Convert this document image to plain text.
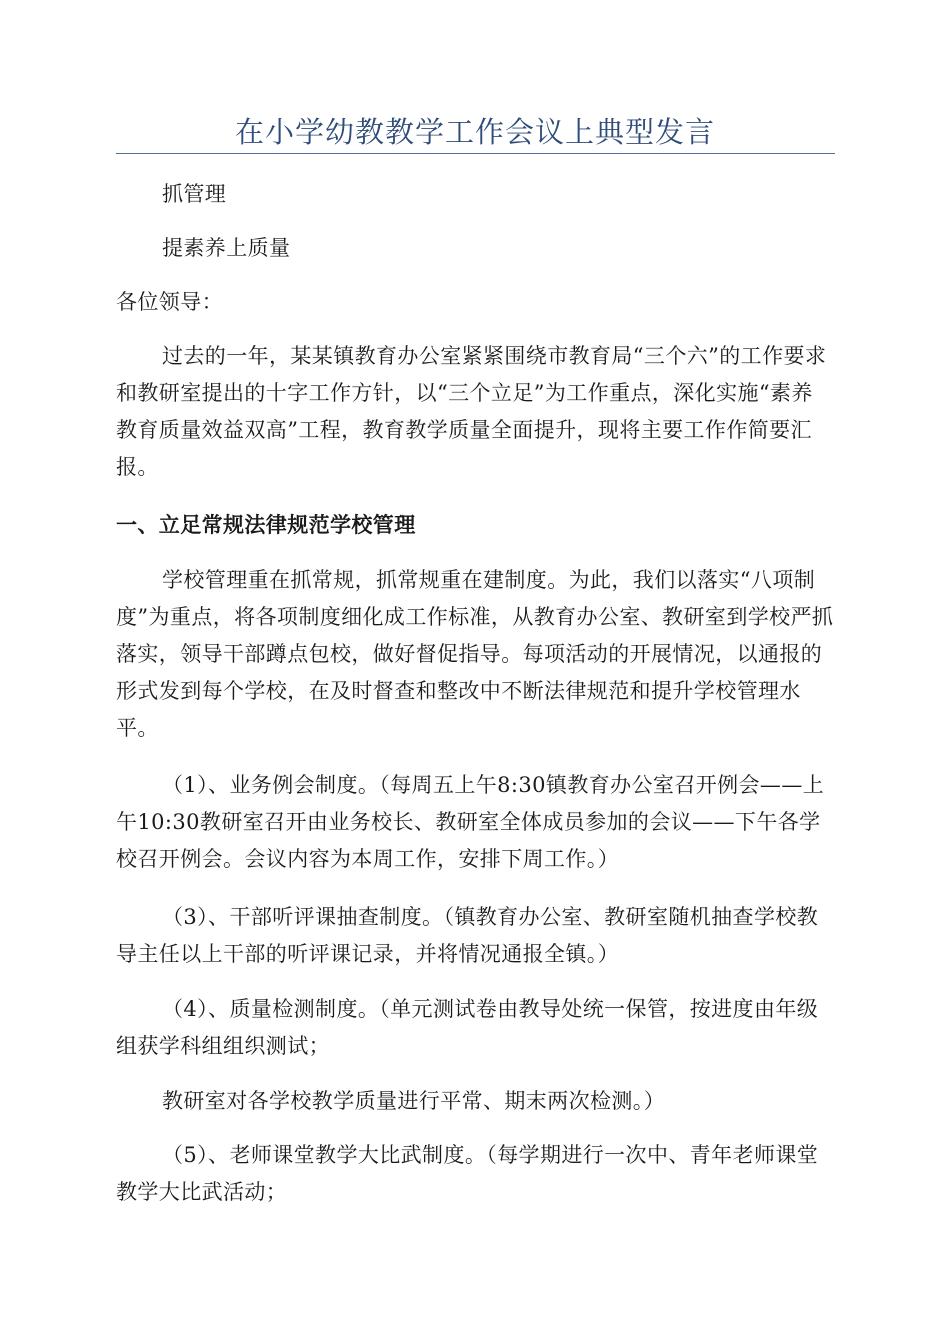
在小学幼教教学工作会议上典型发言

抓管理

提素养上质量

各位领导：

过去的一年，某某镇教育办公室紧紧围绕市教育局“三个六”的工作要求和教研室提出的十字工作方针，以“三个立足”为工作重点，深化实施“素养教育质量效益双高”工程，教育教学质量全面提升，现将主要工作作简要汇报。

一、立足常规法律规范学校管理

学校管理重在抓常规，抓常规重在建制度。为此，我们以落实“八项制度”为重点，将各项制度细化成工作标准，从教育办公室、教研室到学校严抓落实，领导干部蹲点包校，做好督促指导。每项活动的开展情况，以通报的形式发到每个学校，在及时督查和整改中不断法律规范和提升学校管理水平。

（1）、业务例会制度。（每周五上午8:30镇教育办公室召开例会——上午10:30教研室召开由业务校长、教研室全体成员参加的会议——下午各学校召开例会。会议内容为本周工作，安排下周工作。）

（3）、干部听评课抽查制度。（镇教育办公室、教研室随机抽查学校教导主任以上干部的听评课记录，并将情况通报全镇。）

（4）、质量检测制度。（单元测试卷由教导处统一保管，按进度由年级组获学科组组织测试；

教研室对各学校教学质量进行平常、期末两次检测。）

（5）、老师课堂教学大比武制度。（每学期进行一次中、青年老师课堂教学大比武活动；
